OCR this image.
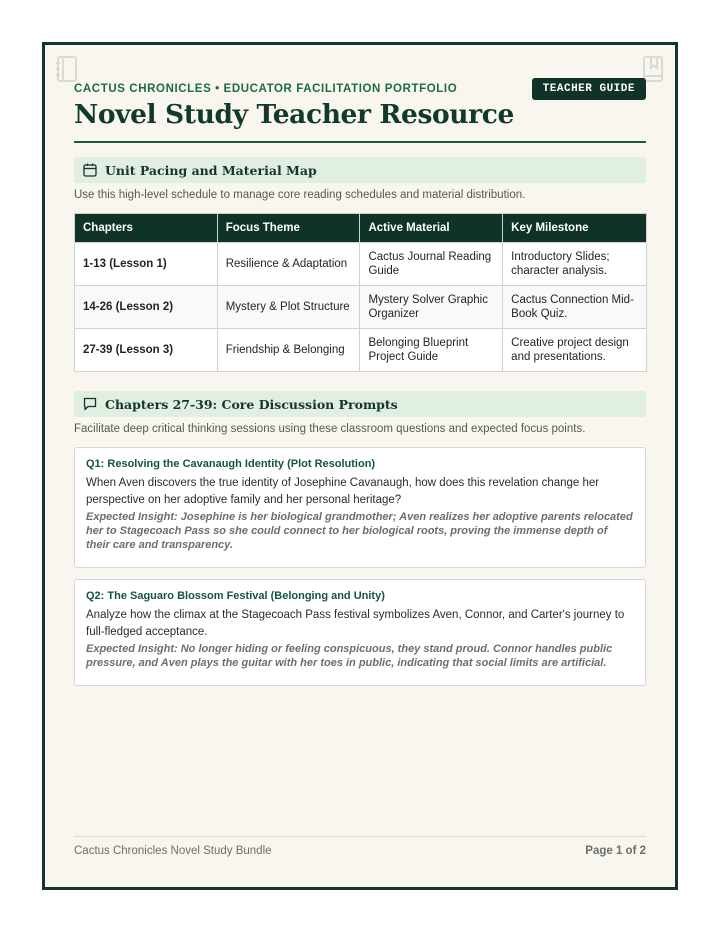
CACTUS CHRONICLES • EDUCATOR FACILITATION PORTFOLIO	TEACHER GUIDE
Novel Study Teacher Resource
Unit Pacing and Material Map

Use this high-level schedule to manage core reading schedules and material distribution.

Chapters	Focus Theme	Active Material	Key Milestone
1-13 (Lesson 1)	Resilience & Adaptation	Cactus Journal Reading Guide	Introductory Slides; character analysis.
14-26 (Lesson 2)	Mystery & Plot Structure	Mystery Solver Graphic Organizer	Cactus Connection Mid-Book Quiz.
27-39 (Lesson 3)	Friendship & Belonging	Belonging Blueprint Project Guide	Creative project design and presentations.
Chapters 27-39: Core Discussion Prompts

Facilitate deep critical thinking sessions using these classroom questions and expected focus points.

Q1: Resolving the Cavanaugh Identity (Plot Resolution)
When Aven discovers the true identity of Josephine Cavanaugh, how does this revelation change her perspective on her adoptive family and her personal heritage?
Expected Insight: Josephine is her biological grandmother; Aven realizes her adoptive parents relocated her to Stagecoach Pass so she could connect to her biological roots, proving the immense depth of their care and transparency.
Q2: The Saguaro Blossom Festival (Belonging and Unity)
Analyze how the climax at the Stagecoach Pass festival symbolizes Aven, Connor, and Carter's journey to full-fledged acceptance.
Expected Insight: No longer hiding or feeling conspicuous, they stand proud. Connor handles public pressure, and Aven plays the guitar with her toes in public, indicating that social limits are artificial.
Cactus Chronicles Novel Study Bundle	Page 1 of 2
